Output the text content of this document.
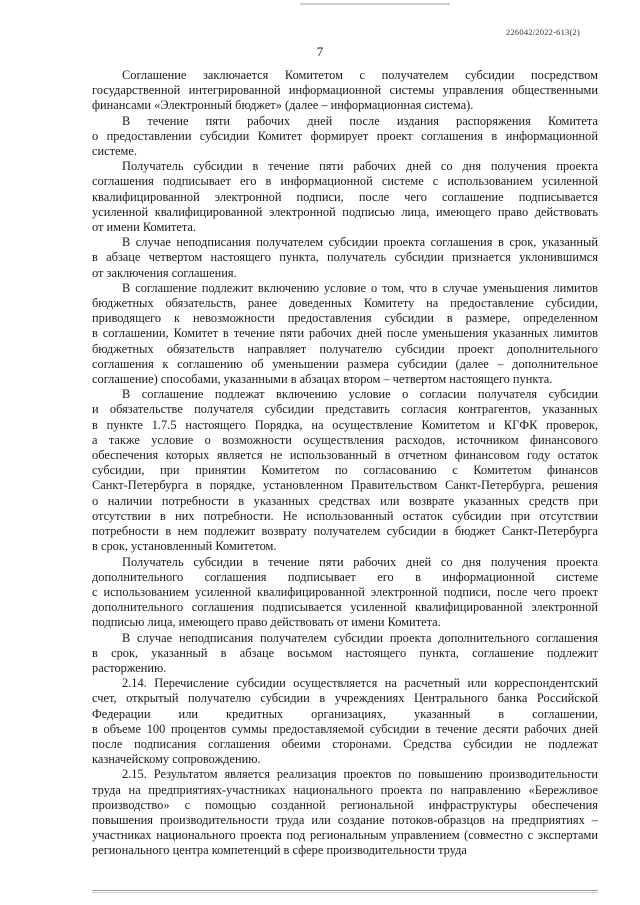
226042/2022-613(2)
7

Соглашение заключается Комитетом с получателем субсидии посредством
государственной интегрированной информационной системы управления общественными
финансами «Электронный бюджет» (далее – информационная система).

В течение пяти рабочих дней после издания распоряжения Комитета
о предоставлении субсидии Комитет формирует проект соглашения в информационной
системе.

Получатель субсидии в течение пяти рабочих дней со дня получения проекта
соглашения подписывает его в информационной системе с использованием усиленной
квалифицированной электронной подписи, после чего соглашение подписывается
усиленной квалифицированной электронной подписью лица, имеющего право действовать
от имени Комитета.

В случае неподписания получателем субсидии проекта соглашения в срок, указанный
в абзаце четвертом настоящего пункта, получатель субсидии признается уклонившимся
от заключения соглашения.

В соглашение подлежит включению условие о том, что в случае уменьшения лимитов
бюджетных обязательств, ранее доведенных Комитету на предоставление субсидии,
приводящего к невозможности предоставления субсидии в размере, определенном
в соглашении, Комитет в течение пяти рабочих дней после уменьшения указанных лимитов
бюджетных обязательств направляет получателю субсидии проект дополнительного
соглашения к соглашению об уменьшении размера субсидии (далее – дополнительное
соглашение) способами, указанными в абзацах втором – четвертом настоящего пункта.

В соглашение подлежат включению условие о согласии получателя субсидии
и обязательстве получателя субсидии представить согласия контрагентов, указанных
в пункте 1.7.5 настоящего Порядка, на осуществление Комитетом и КГФК проверок,
а также условие о возможности осуществления расходов, источником финансового
обеспечения которых является не использованный в отчетном финансовом году остаток
субсидии, при принятии Комитетом по согласованию с Комитетом финансов
Санкт-Петербурга в порядке, установленном Правительством Санкт-Петербурга, решения
о наличии потребности в указанных средствах или возврате указанных средств при
отсутствии в них потребности. Не использованный остаток субсидии при отсутствии
потребности в нем подлежит возврату получателем субсидии в бюджет Санкт-Петербурга
в срок, установленный Комитетом.

Получатель субсидии в течение пяти рабочих дней со дня получения проекта
дополнительного соглашения подписывает его в информационной системе
с использованием усиленной квалифицированной электронной подписи, после чего проект
дополнительного соглашения подписывается усиленной квалифицированной электронной
подписью лица, имеющего право действовать от имени Комитета.

В случае неподписания получателем субсидии проекта дополнительного соглашения
в срок, указанный в абзаце восьмом настоящего пункта, соглашение подлежит
расторжению.

2.14. Перечисление субсидии осуществляется на расчетный или корреспондентский
счет, открытый получателю субсидии в учреждениях Центрального банка Российской
Федерации или кредитных организациях, указанный в соглашении,
в объеме 100 процентов суммы предоставляемой субсидии в течение десяти рабочих дней
после подписания соглашения обеими сторонами. Средства субсидии не подлежат
казначейскому сопровождению.

2.15. Результатом является реализация проектов по повышению производительности
труда на предприятиях-участниках национального проекта по направлению «Бережливое
производство» с помощью созданной региональной инфраструктуры обеспечения
повышения производительности труда или создание потоков-образцов на предприятиях –
участниках национального проекта под региональным управлением (совместно с экспертами
регионального центра компетенций в сфере производительности труда
